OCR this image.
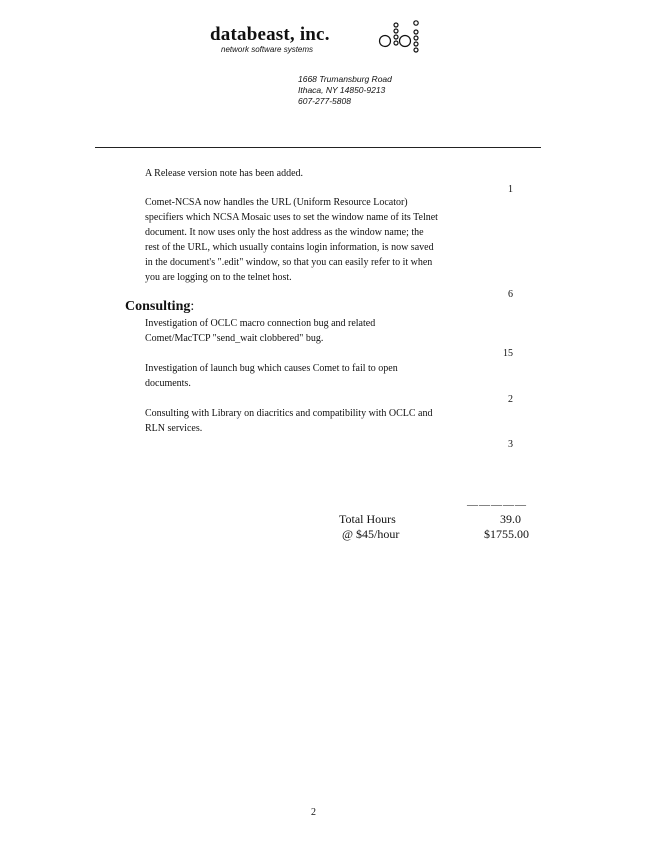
databeast, inc.
network software systems
1668 Trumansburg Road
Ithaca, NY 14850-9213
607-277-5808
A Release version note has been added.
1
Comet-NCSA now handles the URL (Uniform Resource Locator)
specifiers which NCSA Mosaic uses to set the window name of its Telnet
document. It now uses only the host address as the window name; the
rest of the URL, which usually contains login information, is now saved
in the document's ".edit" window, so that you can easily refer to it when
you are logging on to the telnet host.
6
Consulting:
Investigation of OCLC macro connection bug and related
Comet/MacTCP "send_wait clobbered" bug.
15
Investigation of launch bug which causes Comet to fail to open
documents.
2
Consulting with Library on diacritics and compatibility with OCLC and
RLN services.
3
—————
Total Hours	39.0
@ $45/hour	$1755.00
2
